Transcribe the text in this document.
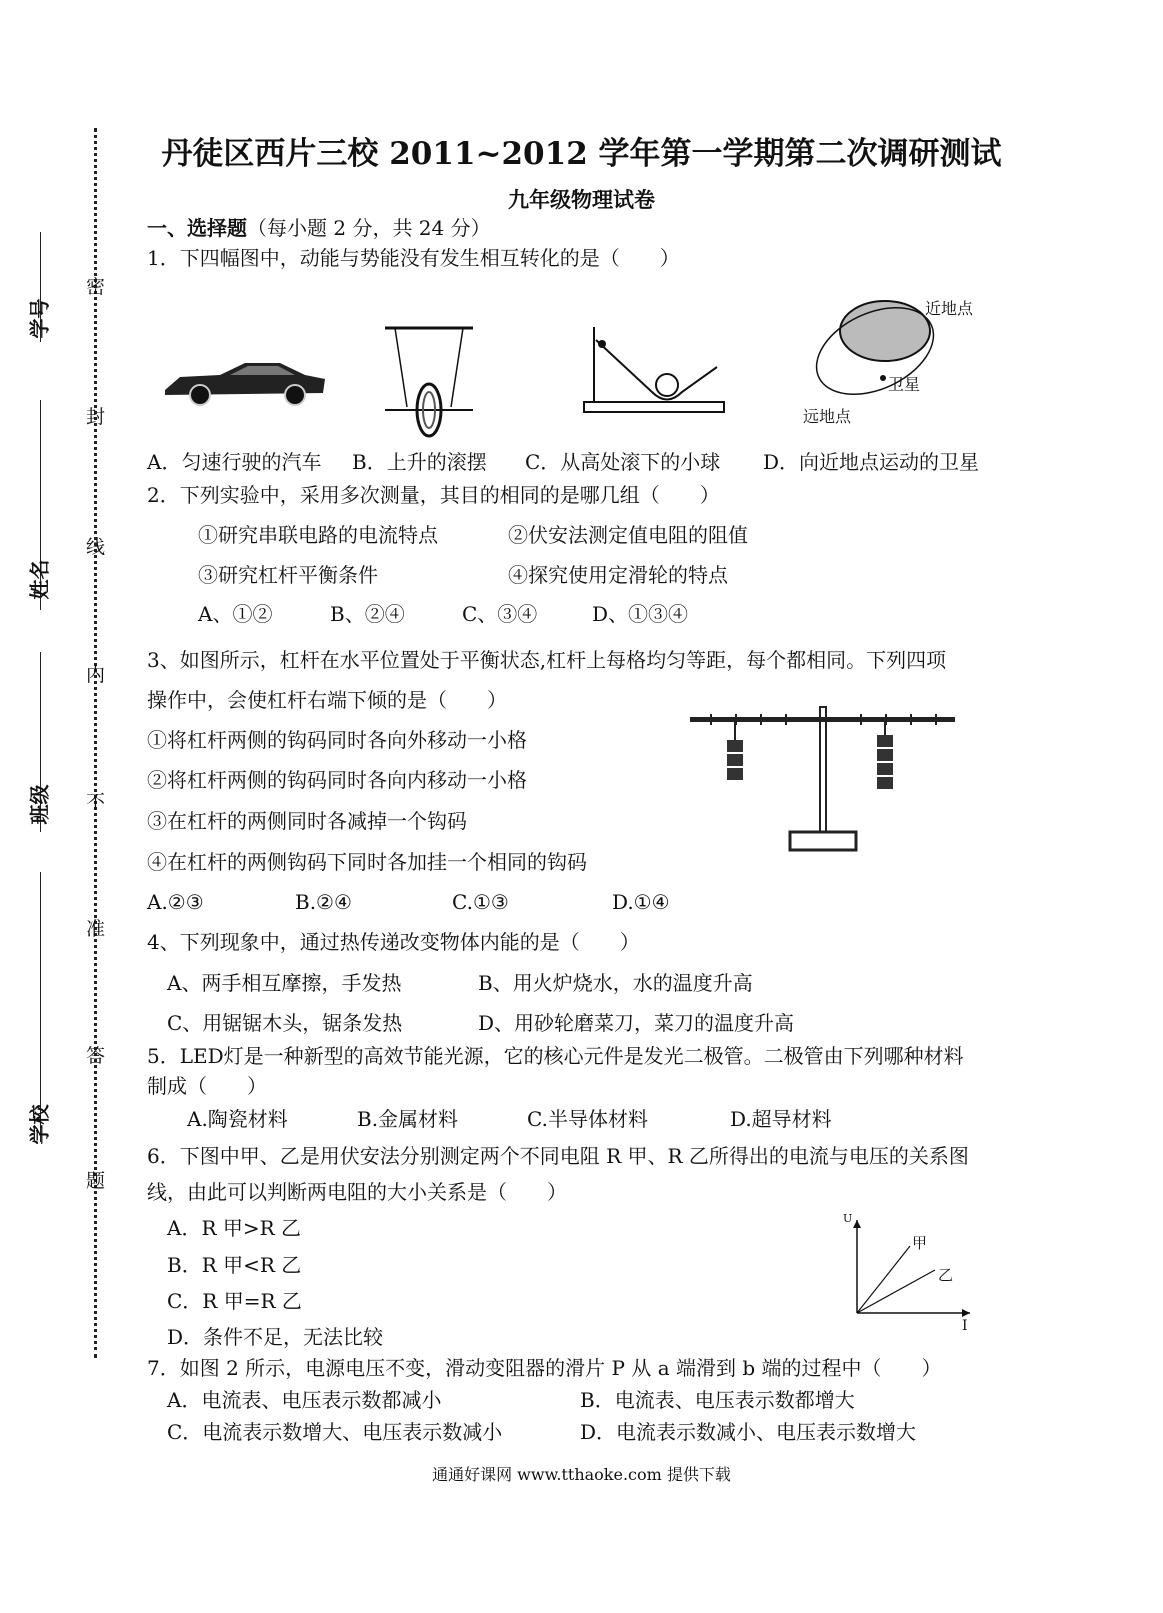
密
封
线
内
不
准
答
题
学号
姓名
班级
学校
丹徒区西片三校 2011~2012 学年第一学期第二次调研测试
九年级物理试卷
一、选择题（每小题 2 分，共 24 分）
1．下四幅图中，动能与势能没有发生相互转化的是（　　）
近地点
卫星
远地点
A．匀速行驶的汽车 B．上升的滚摆 C．从高处滚下的小球 D．向近地点运动的卫星
2．下列实验中，采用多次测量，其目的相同的是哪几组（　　）
①研究串联电路的电流特点	②伏安法测定值电阻的阻值
③研究杠杆平衡条件	④探究使用定滑轮的特点
A、①②	B、②④	C、③④	D、①③④
3、如图所示，杠杆在水平位置处于平衡状态,杠杆上每格均匀等距，每个都相同。下列四项
操作中，会使杠杆右端下倾的是（　　）
①将杠杆两侧的钩码同时各向外移动一小格
②将杠杆两侧的钩码同时各向内移动一小格
③在杠杆的两侧同时各减掉一个钩码
④在杠杆的两侧钩码下同时各加挂一个相同的钩码
A.②③	B.②④	C.①③	D.①④
4、下列现象中，通过热传递改变物体内能的是（　　）
A、两手相互摩擦，手发热	B、用火炉烧水，水的温度升高
C、用锯锯木头，锯条发热	D、用砂轮磨菜刀，菜刀的温度升高
5．LED灯是一种新型的高效节能光源，它的核心元件是发光二极管。二极管由下列哪种材料
制成（　　）
A.陶瓷材料	B.金属材料	C.半导体材料	D.超导材料
6．下图中甲、乙是用伏安法分别测定两个不同电阻 R 甲、R 乙所得出的电流与电压的关系图
线，由此可以判断两电阻的大小关系是（　　）
A．R 甲>R 乙
B．R 甲<R 乙
C．R 甲=R 乙
D．条件不足，无法比较
U
I
甲
乙
7．如图 2 所示，电源电压不变，滑动变阻器的滑片 P 从 a 端滑到 b 端的过程中（　　）
A．电流表、电压表示数都减小	B．电流表、电压表示数都增大
C．电流表示数增大、电压表示数减小	D．电流表示数减小、电压表示数增大
通通好课网 www.tthaoke.com 提供下载
